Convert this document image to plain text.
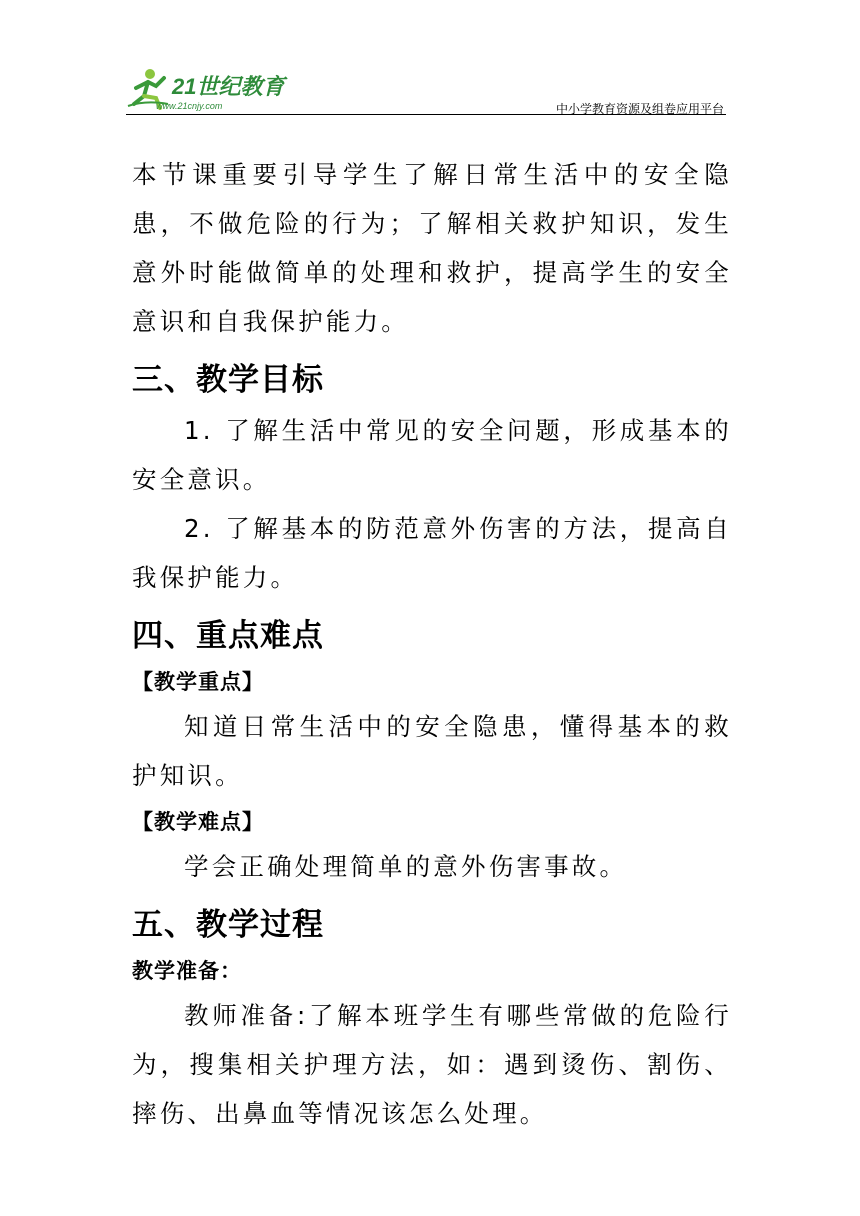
21世纪教育
www.21cnjy.com	中小学教育资源及组卷应用平台

本节课重要引导学生了解日常生活中的安全隐患，不做危险的行为；了解相关救护知识，发生意外时能做简单的处理和救护，提高学生的安全意识和自我保护能力。

三、教学目标

1. 了解生活中常见的安全问题，形成基本的安全意识。

2. 了解基本的防范意外伤害的方法，提高自我保护能力。

四、重点难点
【教学重点】

知道日常生活中的安全隐患，懂得基本的救护知识。

【教学难点】

学会正确处理简单的意外伤害事故。

五、教学过程
教学准备：

教师准备:了解本班学生有哪些常做的危险行为，搜集相关护理方法，如：遇到烫伤、割伤、摔伤、出鼻血等情况该怎么处理。
